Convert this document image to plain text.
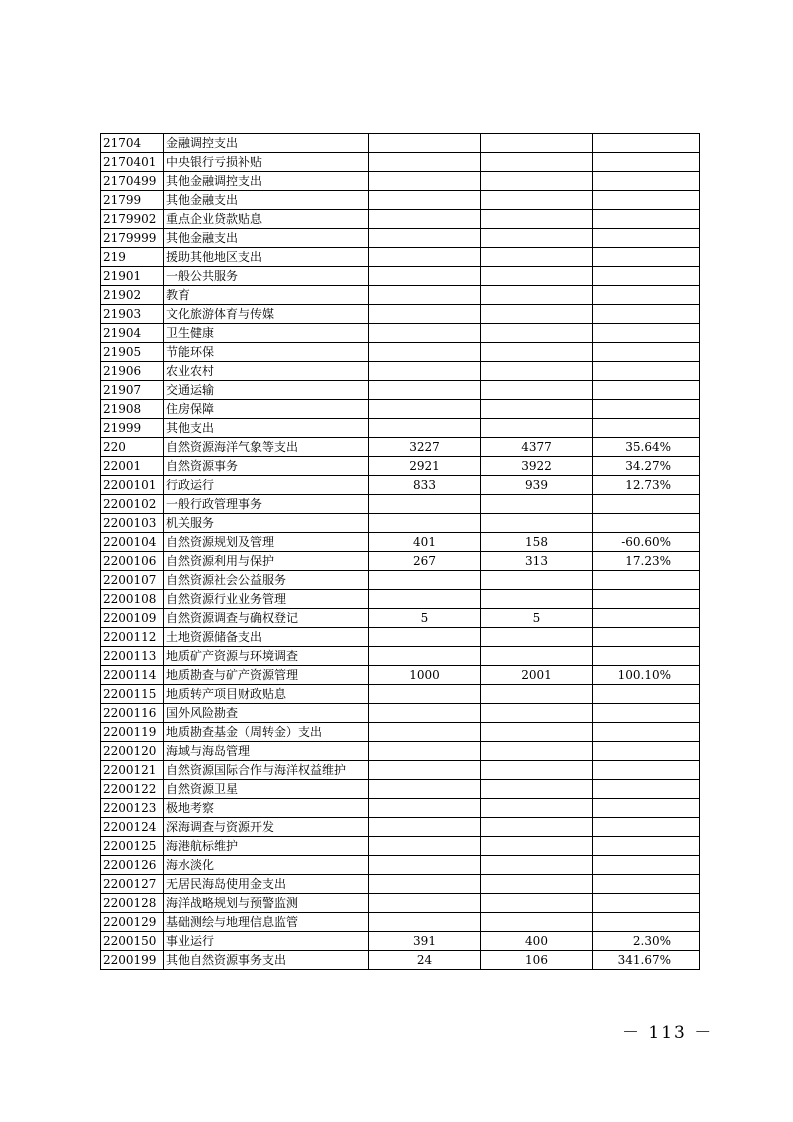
21704	金融调控支出			
2170401	中央银行亏损补贴			
2170499	其他金融调控支出			
21799	其他金融支出			
2179902	重点企业贷款贴息			
2179999	其他金融支出			
219	援助其他地区支出			
21901	一般公共服务			
21902	教育			
21903	文化旅游体育与传媒			
21904	卫生健康			
21905	节能环保			
21906	农业农村			
21907	交通运输			
21908	住房保障			
21999	其他支出			
220	自然资源海洋气象等支出	3227	4377	35.64%
22001	自然资源事务	2921	3922	34.27%
2200101	行政运行	833	939	12.73%
2200102	一般行政管理事务			
2200103	机关服务			
2200104	自然资源规划及管理	401	158	-60.60%
2200106	自然资源利用与保护	267	313	17.23%
2200107	自然资源社会公益服务			
2200108	自然资源行业业务管理			
2200109	自然资源调查与确权登记	5	5	
2200112	土地资源储备支出			
2200113	地质矿产资源与环境调查			
2200114	地质勘查与矿产资源管理	1000	2001	100.10%
2200115	地质转产项目财政贴息			
2200116	国外风险勘查			
2200119	地质勘查基金（周转金）支出			
2200120	海域与海岛管理			
2200121	自然资源国际合作与海洋权益维护			
2200122	自然资源卫星			
2200123	极地考察			
2200124	深海调查与资源开发			
2200125	海港航标维护			
2200126	海水淡化			
2200127	无居民海岛使用金支出			
2200128	海洋战略规划与预警监测			
2200129	基础测绘与地理信息监管			
2200150	事业运行	391	400	2.30%
2200199	其他自然资源事务支出	24	106	341.67%
－ 113 －
